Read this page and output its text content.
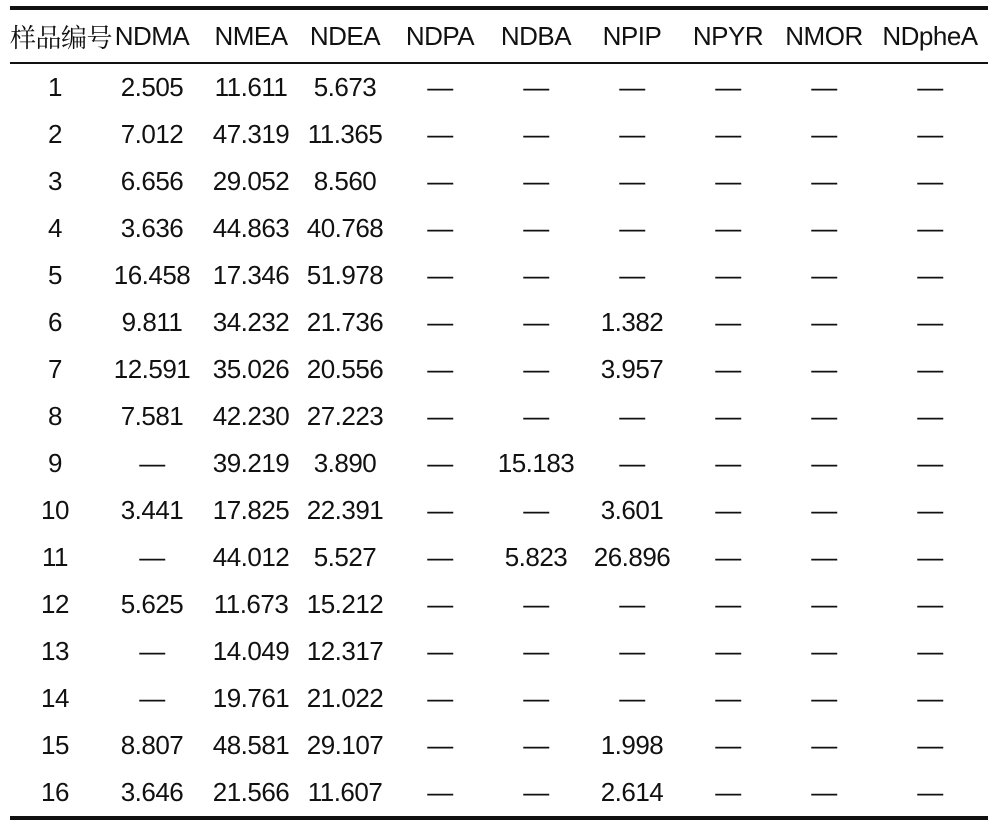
样品编号	NDMA	NMEA	NDEA	NDPA	NDBA	NPIP	NPYR	NMOR	NDpheA
1	2.505	11.611	5.673	—	—	—	—	—	—
2	7.012	47.319	11.365	—	—	—	—	—	—
3	6.656	29.052	8.560	—	—	—	—	—	—
4	3.636	44.863	40.768	—	—	—	—	—	—
5	16.458	17.346	51.978	—	—	—	—	—	—
6	9.811	34.232	21.736	—	—	1.382	—	—	—
7	12.591	35.026	20.556	—	—	3.957	—	—	—
8	7.581	42.230	27.223	—	—	—	—	—	—
9	—	39.219	3.890	—	15.183	—	—	—	—
10	3.441	17.825	22.391	—	—	3.601	—	—	—
11	—	44.012	5.527	—	5.823	26.896	—	—	—
12	5.625	11.673	15.212	—	—	—	—	—	—
13	—	14.049	12.317	—	—	—	—	—	—
14	—	19.761	21.022	—	—	—	—	—	—
15	8.807	48.581	29.107	—	—	1.998	—	—	—
16	3.646	21.566	11.607	—	—	2.614	—	—	—
